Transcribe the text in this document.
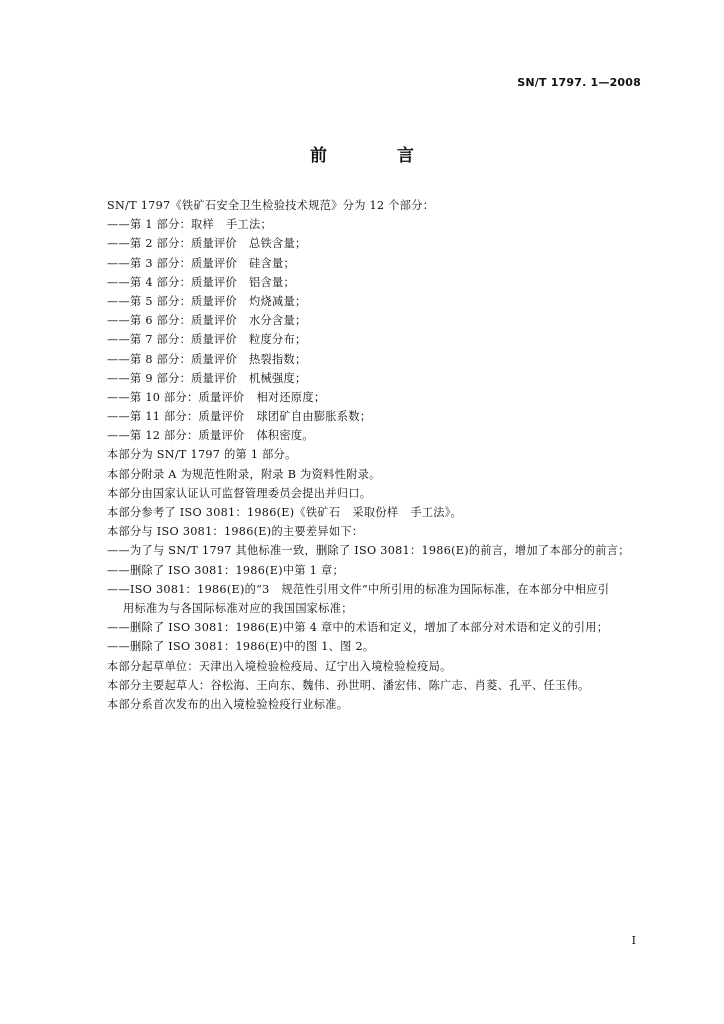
SN/T 1797. 1—2008
前 言
SN/T 1797《铁矿石安全卫生检验技术规范》分为 12 个部分：
——第 1 部分：取样 手工法；
——第 2 部分：质量评价 总铁含量；
——第 3 部分：质量评价 硅含量；
——第 4 部分：质量评价 铝含量；
——第 5 部分：质量评价 灼烧减量；
——第 6 部分：质量评价 水分含量；
——第 7 部分：质量评价 粒度分布；
——第 8 部分：质量评价 热裂指数；
——第 9 部分：质量评价 机械强度；
——第 10 部分：质量评价 相对还原度；
——第 11 部分：质量评价 球团矿自由膨胀系数；
——第 12 部分：质量评价 体积密度。
本部分为 SN/T 1797 的第 1 部分。
本部分附录 A 为规范性附录，附录 B 为资料性附录。
本部分由国家认证认可监督管理委员会提出并归口。
本部分参考了 ISO 3081：1986(E)《铁矿石 采取份样 手工法》。
本部分与 ISO 3081：1986(E)的主要差异如下：
——为了与 SN/T 1797 其他标准一致，删除了 ISO 3081：1986(E)的前言，增加了本部分的前言；
——删除了 ISO 3081：1986(E)中第 1 章；
——ISO 3081：1986(E)的“3 规范性引用文件”中所引用的标准为国际标准，在本部分中相应引
用标准为与各国际标准对应的我国国家标准；
——删除了 ISO 3081：1986(E)中第 4 章中的术语和定义，增加了本部分对术语和定义的引用；
——删除了 ISO 3081：1986(E)中的图 1、图 2。
本部分起草单位：天津出入境检验检疫局、辽宁出入境检验检疫局。
本部分主要起草人：谷松海、王向东、魏伟、孙世明、潘宏伟、陈广志、肖菱、孔平、任玉伟。
本部分系首次发布的出入境检验检疫行业标准。
I
